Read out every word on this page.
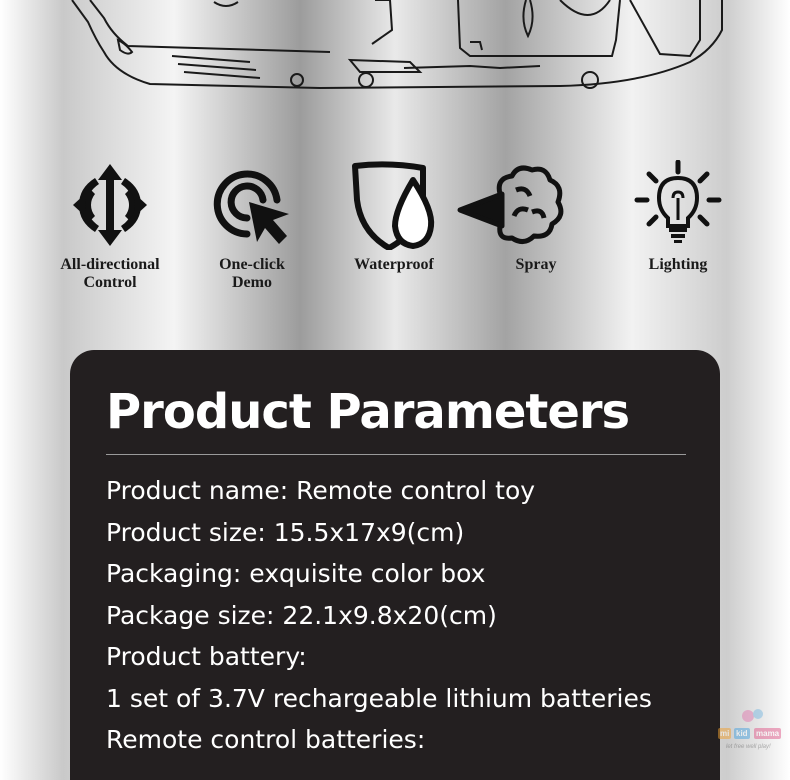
All-directional
Control
One-click
Demo
Waterproof	Spray	Lighting
Product Parameters
Product name: Remote control toy
Product size: 15.5x17x9(cm)
Packaging: exquisite color box
Package size: 22.1x9.8x20(cm)
Product battery:
1 set of 3.7V rechargeable lithium batteries
Remote control batteries:	mi kid mama
let free well play!
